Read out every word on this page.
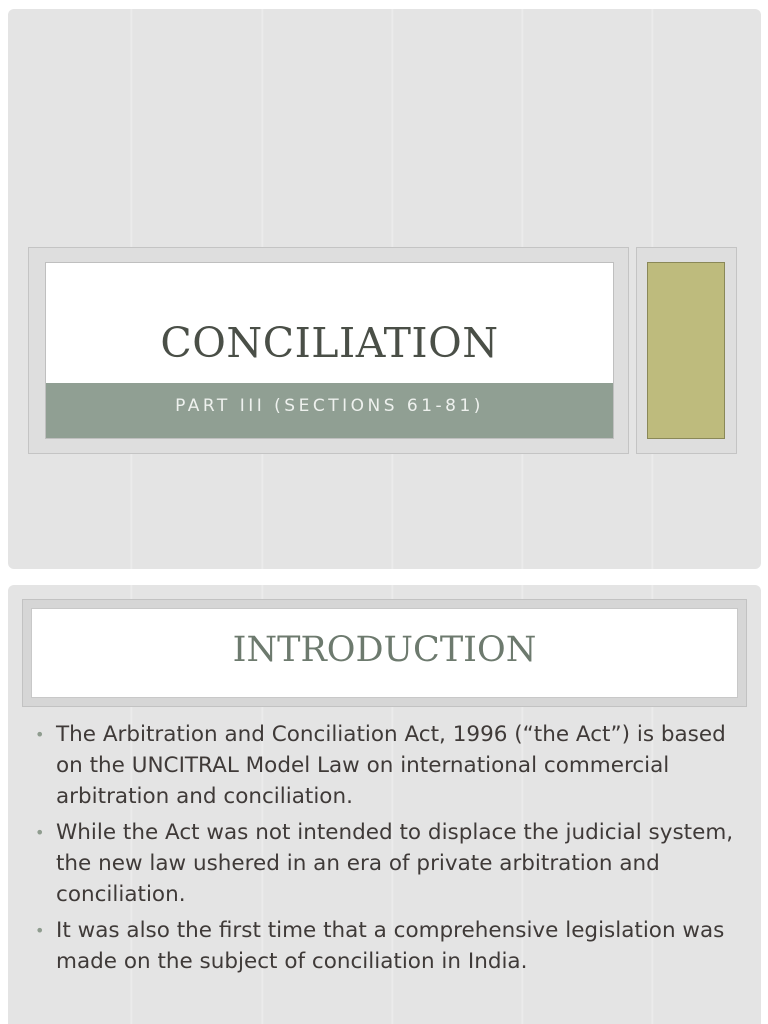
CONCILIATION
PART III (SECTIONS 61-81)
INTRODUCTION
• The Arbitration and Conciliation Act, 1996 (“the Act”) is based on the UNCITRAL Model Law on international commercial arbitration and conciliation.
• While the Act was not intended to displace the judicial system, the new law ushered in an era of private arbitration and conciliation.
• It was also the first time that a comprehensive legislation was made on the subject of conciliation in India.
